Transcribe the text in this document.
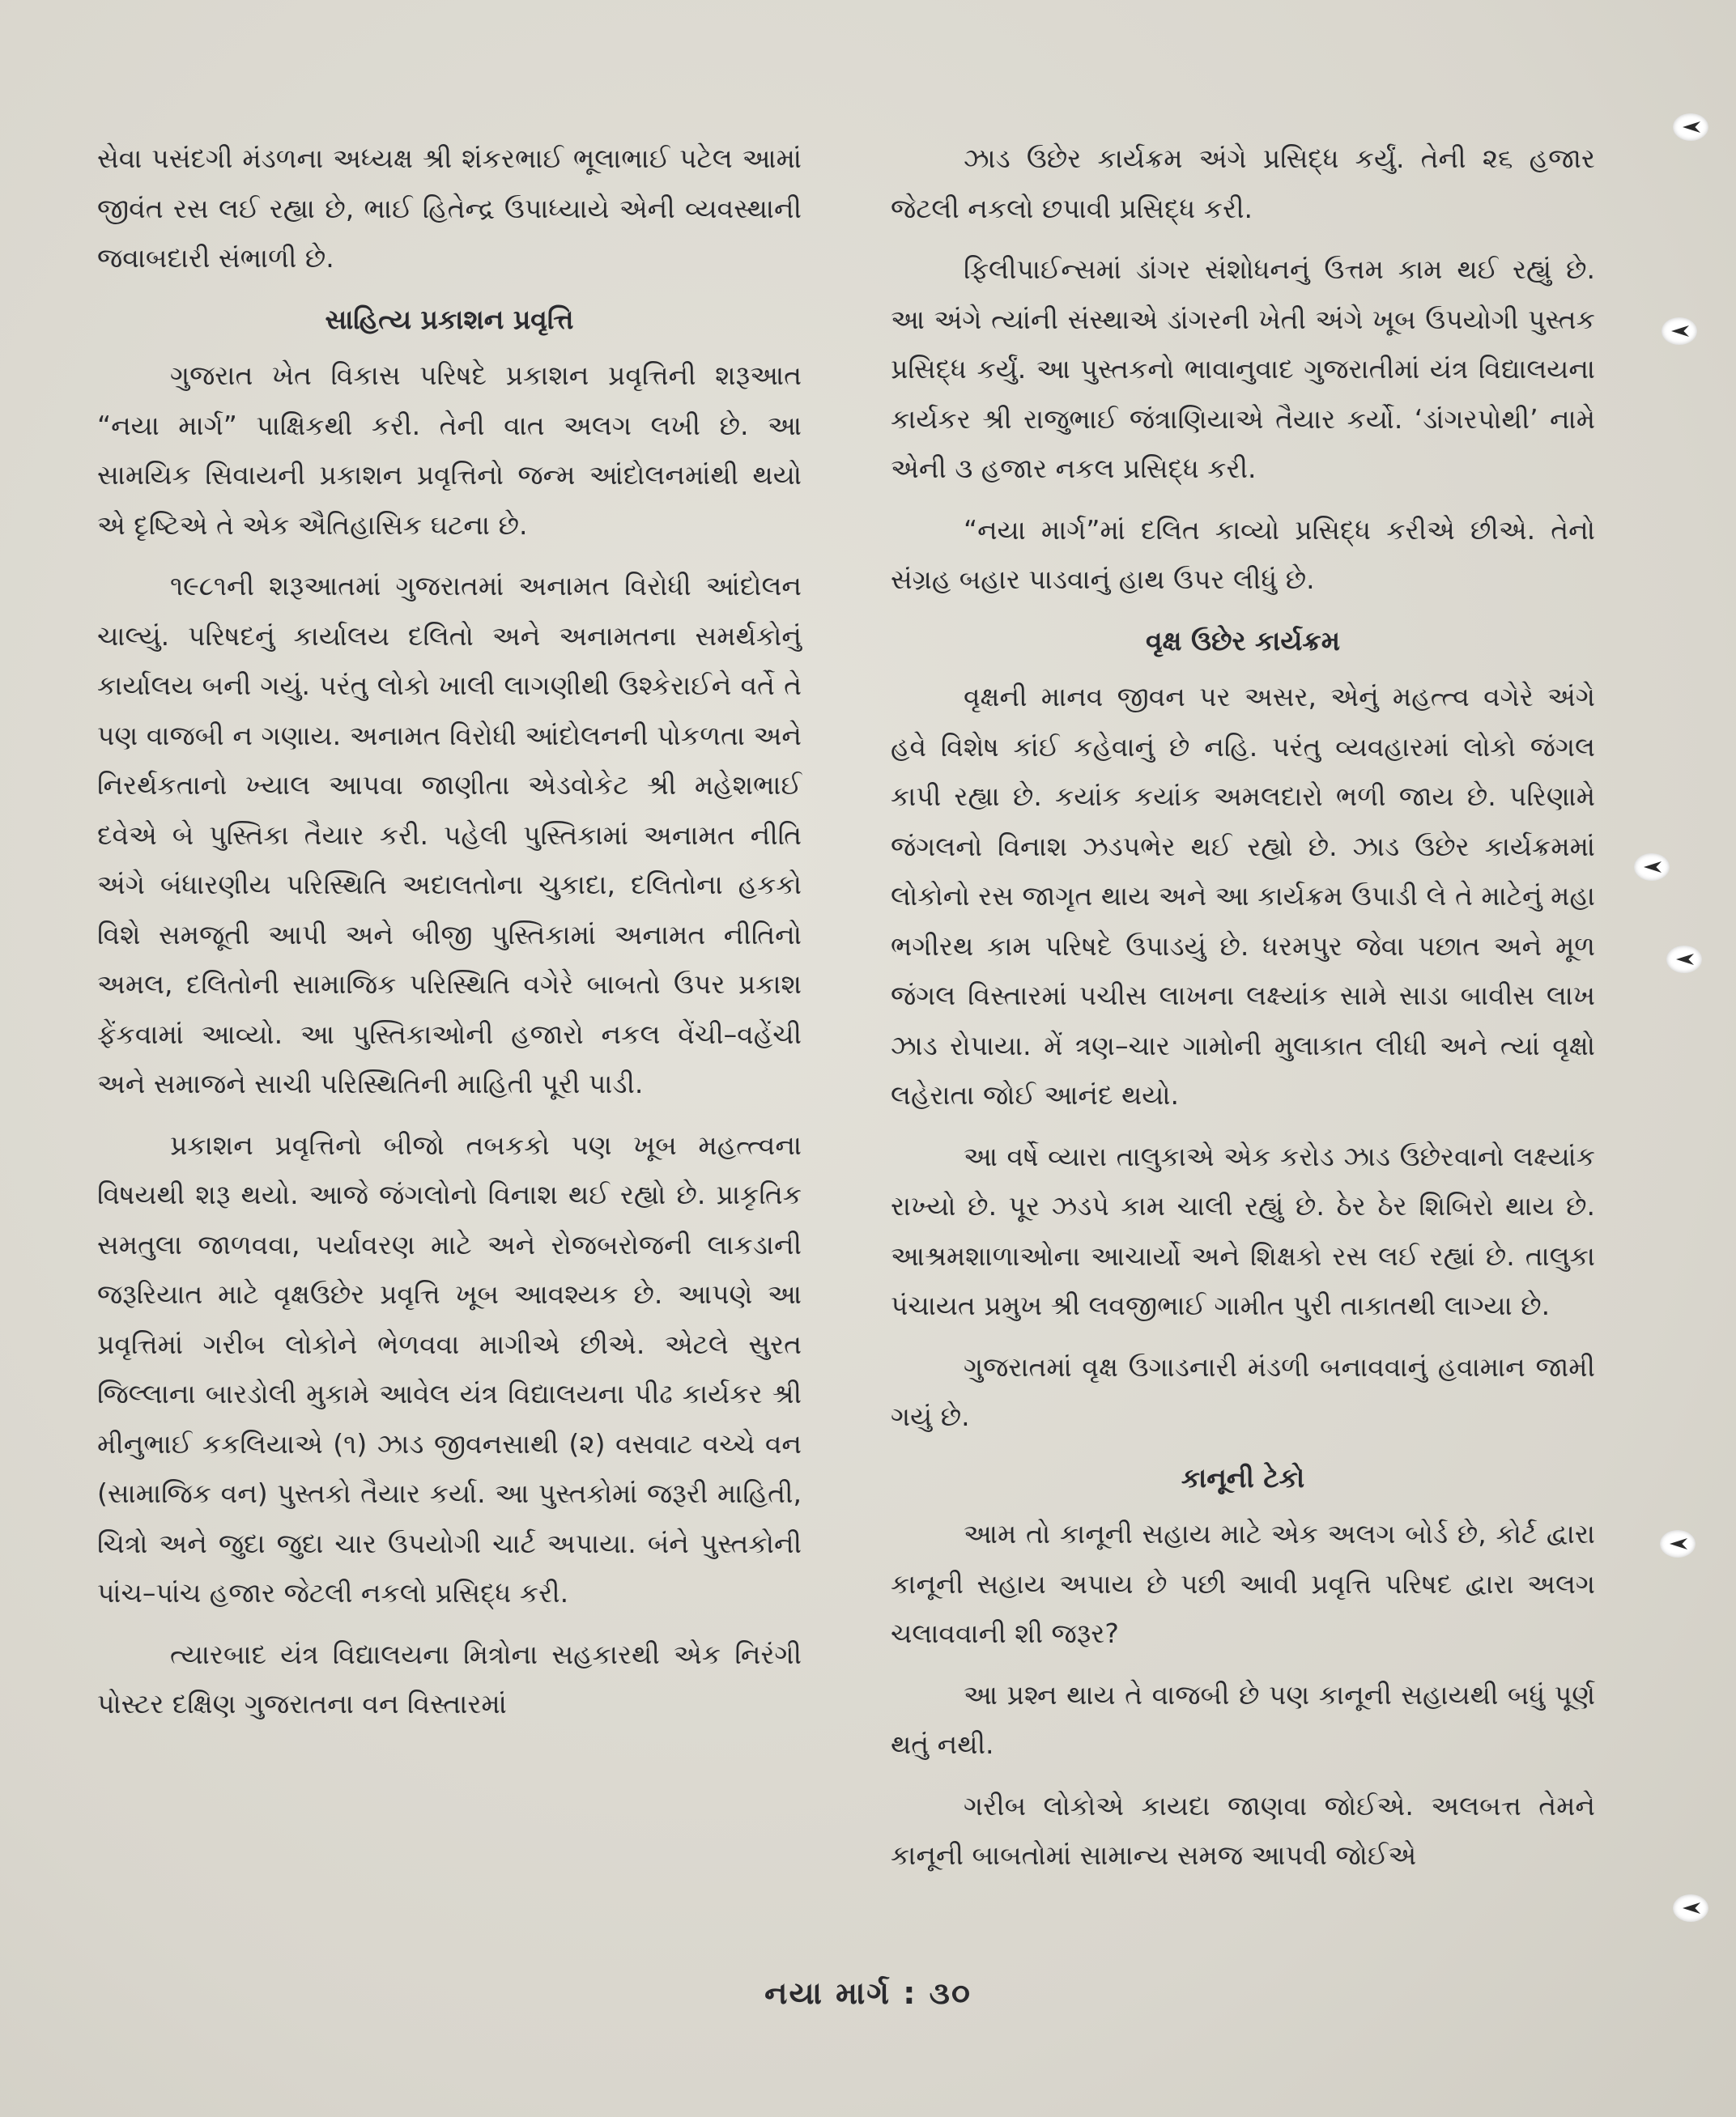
સેવા પસંદગી મંડળના અધ્યક્ષ શ્રી શંકરભાઈ ભૂલાભાઈ પટેલ આમાં જીવંત રસ લઈ રહ્યા છે, ભાઈ હિતેન્દ્ર ઉપાધ્યાયે એની વ્યવસ્થાની જવાબદારી સંભાળી છે.

સાહિત્ય પ્રકાશન પ્રવૃત્તિ

ગુજરાત ખેત વિકાસ પરિષદે પ્રકાશન પ્રવૃત્તિની શરૂઆત “નયા માર્ગ” પાક્ષિકથી કરી. તેની વાત અલગ લખી છે. આ સામયિક સિવાયની પ્રકાશન પ્રવૃત્તિનો જન્મ આંદોલનમાંથી થયો એ દૃષ્ટિએ તે એક ઐતિહાસિક ઘટના છે.

૧૯૮૧ની શરૂઆતમાં ગુજરાતમાં અનામત વિરોધી આંદોલન ચાલ્યું. પરિષદનું કાર્યાલય દલિતો અને અનામતના સમર્થકોનું કાર્યાલય બની ગયું. પરંતુ લોકો ખાલી લાગણીથી ઉશ્કેરાઈને વર્તે તે પણ વાજબી ન ગણાય. અનામત વિરોધી આંદોલનની પોકળતા અને નિરર્થકતાનો ખ્યાલ આપવા જાણીતા એડવોકેટ શ્રી મહેશભાઈ દવેએ બે પુસ્તિકા તૈયાર કરી. પહેલી પુસ્તિકામાં અનામત નીતિ અંગે બંધારણીય પરિસ્થિતિ અદાલતોના ચુકાદા, દલિતોના હકકો વિશે સમજૂતી આપી અને બીજી પુસ્તિકામાં અનામત નીતિનો અમલ, દલિતોની સામાજિક પરિસ્થિતિ વગેરે બાબતો ઉપર પ્રકાશ ફેંકવામાં આવ્યો. આ પુસ્તિકાઓની હજારો નકલ વેંચી–વહેંચી અને સમાજને સાચી પરિસ્થિતિની માહિતી પૂરી પાડી.

પ્રકાશન પ્રવૃત્તિનો બીજો તબકકો પણ ખૂબ મહત્ત્વના વિષયથી શરૂ થયો. આજે જંગલોનો વિનાશ થઈ રહ્યો છે. પ્રાકૃતિક સમતુલા જાળવવા, પર્યાવરણ માટે અને રોજબરોજની લાકડાની જરૂરિયાત માટે વૃક્ષઉછેર પ્રવૃત્તિ ખૂબ આવશ્યક છે. આપણે આ પ્રવૃત્તિમાં ગરીબ લોકોને ભેળવવા માગીએ છીએ. એટલે સુરત જિલ્લાના બારડોલી મુકામે આવેલ યંત્ર વિદ્યાલયના પીઢ કાર્યકર શ્રી મીનુભાઈ કકલિયાએ (૧) ઝાડ જીવનસાથી (૨) વસવાટ વચ્ચે વન (સામાજિક વન) પુસ્તકો તૈયાર કર્યા. આ પુસ્તકોમાં જરૂરી માહિતી, ચિત્રો અને જુદા જુદા ચાર ઉપયોગી ચાર્ટ અપાયા. બંને પુસ્તકોની પાંચ–પાંચ હજાર જેટલી નકલો પ્રસિદ્ધ કરી.

ત્યારબાદ યંત્ર વિદ્યાલયના મિત્રોના સહકારથી એક નિરંગી પોસ્ટર દક્ષિણ ગુજરાતના વન વિસ્તારમાં

ઝાડ ઉછેર કાર્યક્રમ અંગે પ્રસિદ્ધ કર્યું. તેની ૨૬ હજાર જેટલી નકલો છપાવી પ્રસિદ્ધ કરી.

ફિલીપાઈન્સમાં ડાંગર સંશોધનનું ઉત્તમ કામ થઈ રહ્યું છે. આ અંગે ત્યાંની સંસ્થાએ ડાંગરની ખેતી અંગે ખૂબ ઉપયોગી પુસ્તક પ્રસિદ્ધ કર્યું. આ પુસ્તકનો ભાવાનુવાદ ગુજરાતીમાં યંત્ર વિદ્યાલયના કાર્યકર શ્રી રાજુભાઈ જંત્રાણિયાએ તૈયાર કર્યો. ‘ડાંગરપોથી’ નામે એની ૩ હજાર નકલ પ્રસિદ્ધ કરી.

“નયા માર્ગ”માં દલિત કાવ્યો પ્રસિદ્ધ કરીએ છીએ. તેનો સંગ્રહ બહાર પાડવાનું હાથ ઉપર લીધું છે.

વૃક્ષ ઉછેર કાર્યક્રમ

વૃક્ષની માનવ જીવન પર અસર, એનું મહત્ત્વ વગેરે અંગે હવે વિશેષ કાંઈ કહેવાનું છે નહિ. પરંતુ વ્યવહારમાં લોકો જંગલ કાપી રહ્યા છે. કયાંક કયાંક અમલદારો ભળી જાય છે. પરિણામે જંગલનો વિનાશ ઝડપભેર થઈ રહ્યો છે. ઝાડ ઉછેર કાર્યક્રમમાં લોકોનો રસ જાગૃત થાય અને આ કાર્યક્રમ ઉપાડી લે તે માટેનું મહા ભગીરથ કામ પરિષદે ઉપાડયું છે. ધરમપુર જેવા પછાત અને મૂળ જંગલ વિસ્તારમાં પચીસ લાખના લક્ષ્યાંક સામે સાડા બાવીસ લાખ ઝાડ રોપાયા. મેં ત્રણ–ચાર ગામોની મુલાકાત લીધી અને ત્યાં વૃક્ષો લહેરાતા જોઈ આનંદ થયો.

આ વર્ષે વ્યારા તાલુકાએ એક કરોડ ઝાડ ઉછેરવાનો લક્ષ્યાંક રાખ્યો છે. પૂર ઝડપે કામ ચાલી રહ્યું છે. ઠેર ઠેર શિબિરો થાય છે. આશ્રમશાળાઓના આચાર્યો અને શિક્ષકો રસ લઈ રહ્યાં છે. તાલુકા પંચાયત પ્રમુખ શ્રી લવજીભાઈ ગામીત પુરી તાકાતથી લાગ્યા છે.

ગુજરાતમાં વૃક્ષ ઉગાડનારી મંડળી બનાવવાનું હવામાન જામી ગયું છે.

કાનૂની ટેકો

આમ તો કાનૂની સહાય માટે એક અલગ બોર્ડ છે, કોર્ટ દ્વારા કાનૂની સહાય અપાય છે પછી આવી પ્રવૃત્તિ પરિષદ દ્વારા અલગ ચલાવવાની શી જરૂર?

આ પ્રશ્ન થાય તે વાજબી છે પણ કાનૂની સહાયથી બધું પૂર્ણ થતું નથી.

ગરીબ લોકોએ કાયદા જાણવા જોઈએ. અલબત્ત તેમને કાનૂની બાબતોમાં સામાન્ય સમજ આપવી જોઈએ

નયા માર્ગ : ૩૦
